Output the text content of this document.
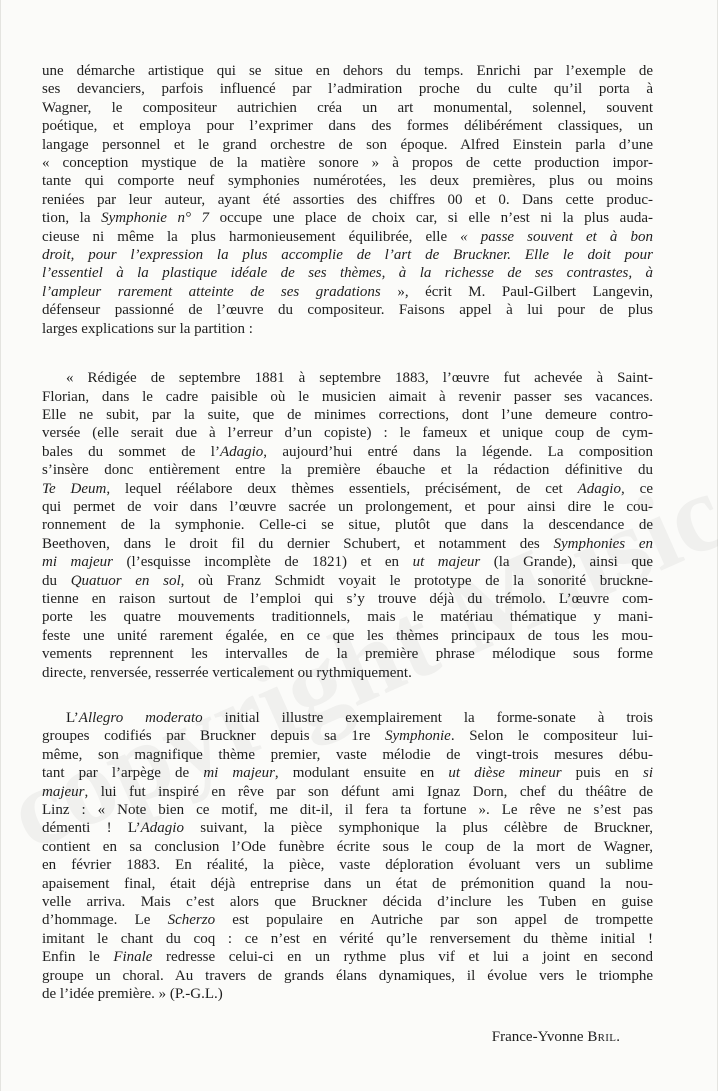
une démarche artistique qui se situe en dehors du temps. Enrichi par l’exemple de
ses devanciers, parfois influencé par l’admiration proche du culte qu’il porta à
Wagner, le compositeur autrichien créa un art monumental, solennel, souvent
poétique, et employa pour l’exprimer dans des formes délibérément classiques, un
langage personnel et le grand orchestre de son époque. Alfred Einstein parla d’une
« conception mystique de la matière sonore » à propos de cette production impor-
tante qui comporte neuf symphonies numérotées, les deux premières, plus ou moins
reniées par leur auteur, ayant été assorties des chiffres 00 et 0. Dans cette produc-
tion, la Symphonie n° 7 occupe une place de choix car, si elle n’est ni la plus auda-
cieuse ni même la plus harmonieusement équilibrée, elle « passe souvent et à bon
droit, pour l’expression la plus accomplie de l’art de Bruckner. Elle le doit pour
l’essentiel à la plastique idéale de ses thèmes, à la richesse de ses contrastes, à
l’ampleur rarement atteinte de ses gradations », écrit M. Paul-Gilbert Langevin,
défenseur passionné de l’œuvre du compositeur. Faisons appel à lui pour de plus
larges explications sur la partition :
« Rédigée de septembre 1881 à septembre 1883, l’œuvre fut achevée à Saint-
Florian, dans le cadre paisible où le musicien aimait à revenir passer ses vacances.
Elle ne subit, par la suite, que de minimes corrections, dont l’une demeure contro-
versée (elle serait due à l’erreur d’un copiste) : le fameux et unique coup de cym-
bales du sommet de l’Adagio, aujourd’hui entré dans la légende. La composition
s’insère donc entièrement entre la première ébauche et la rédaction définitive du
Te Deum, lequel réélabore deux thèmes essentiels, précisément, de cet Adagio, ce
qui permet de voir dans l’œuvre sacrée un prolongement, et pour ainsi dire le cou-
ronnement de la symphonie. Celle-ci se situe, plutôt que dans la descendance de
Beethoven, dans le droit fil du dernier Schubert, et notamment des Symphonies en
mi majeur (l’esquisse incomplète de 1821) et en ut majeur (la Grande), ainsi que
du Quatuor en sol, où Franz Schmidt voyait le prototype de la sonorité bruckne-
tienne en raison surtout de l’emploi qui s’y trouve déjà du trémolo. L’œuvre com-
porte les quatre mouvements traditionnels, mais le matériau thématique y mani-
feste une unité rarement égalée, en ce que les thèmes principaux de tous les mou-
vements reprennent les intervalles de la première phrase mélodique sous forme
directe, renversée, resserrée verticalement ou rythmiquement.
L’Allegro moderato initial illustre exemplairement la forme-sonate à trois
groupes codifiés par Bruckner depuis sa 1re Symphonie. Selon le compositeur lui-
même, son magnifique thème premier, vaste mélodie de vingt-trois mesures débu-
tant par l’arpège de mi majeur, modulant ensuite en ut dièse mineur puis en si
majeur, lui fut inspiré en rêve par son défunt ami Ignaz Dorn, chef du théâtre de
Linz : « Note bien ce motif, me dit-il, il fera ta fortune ». Le rêve ne s’est pas
démenti ! L’Adagio suivant, la pièce symphonique la plus célèbre de Bruckner,
contient en sa conclusion l’Ode funèbre écrite sous le coup de la mort de Wagner,
en février 1883. En réalité, la pièce, vaste déploration évoluant vers un sublime
apaisement final, était déjà entreprise dans un état de prémonition quand la nou-
velle arriva. Mais c’est alors que Bruckner décida d’inclure les Tuben en guise
d’hommage. Le Scherzo est populaire en Autriche par son appel de trompette
imitant le chant du coq : ce n’est en vérité qu’le renversement du thème initial !
Enfin le Finale redresse celui-ci en un rythme plus vif et lui a joint en second
groupe un choral. Au travers de grands élans dynamiques, il évolue vers le triomphe
de l’idée première. » (P.-G.L.)
France-Yvonne Bril.
